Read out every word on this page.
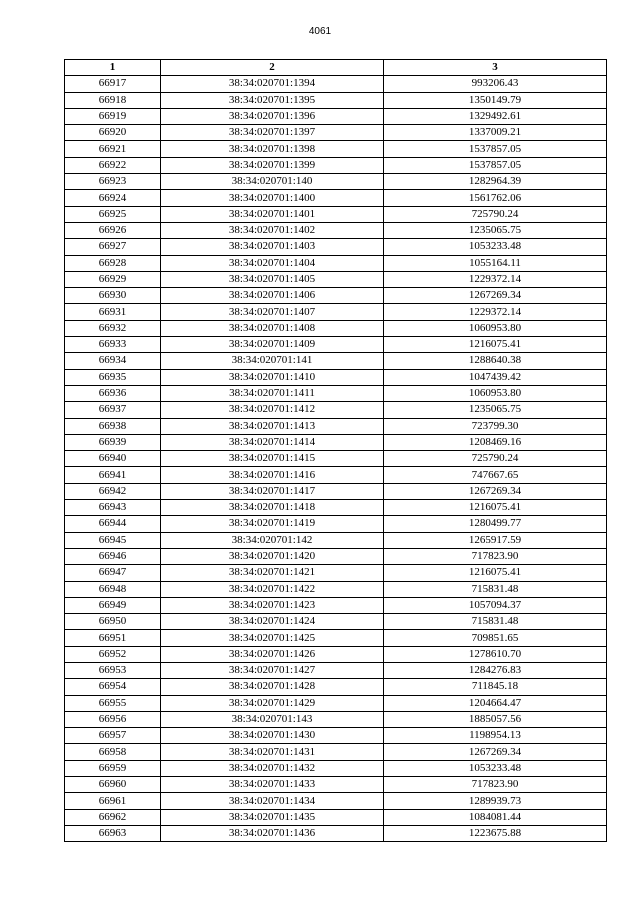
4061
1	2	3
66917	38:34:020701:1394	993206.43
66918	38:34:020701:1395	1350149.79
66919	38:34:020701:1396	1329492.61
66920	38:34:020701:1397	1337009.21
66921	38:34:020701:1398	1537857.05
66922	38:34:020701:1399	1537857.05
66923	38:34:020701:140	1282964.39
66924	38:34:020701:1400	1561762.06
66925	38:34:020701:1401	725790.24
66926	38:34:020701:1402	1235065.75
66927	38:34:020701:1403	1053233.48
66928	38:34:020701:1404	1055164.11
66929	38:34:020701:1405	1229372.14
66930	38:34:020701:1406	1267269.34
66931	38:34:020701:1407	1229372.14
66932	38:34:020701:1408	1060953.80
66933	38:34:020701:1409	1216075.41
66934	38:34:020701:141	1288640.38
66935	38:34:020701:1410	1047439.42
66936	38:34:020701:1411	1060953.80
66937	38:34:020701:1412	1235065.75
66938	38:34:020701:1413	723799.30
66939	38:34:020701:1414	1208469.16
66940	38:34:020701:1415	725790.24
66941	38:34:020701:1416	747667.65
66942	38:34:020701:1417	1267269.34
66943	38:34:020701:1418	1216075.41
66944	38:34:020701:1419	1280499.77
66945	38:34:020701:142	1265917.59
66946	38:34:020701:1420	717823.90
66947	38:34:020701:1421	1216075.41
66948	38:34:020701:1422	715831.48
66949	38:34:020701:1423	1057094.37
66950	38:34:020701:1424	715831.48
66951	38:34:020701:1425	709851.65
66952	38:34:020701:1426	1278610.70
66953	38:34:020701:1427	1284276.83
66954	38:34:020701:1428	711845.18
66955	38:34:020701:1429	1204664.47
66956	38:34:020701:143	1885057.56
66957	38:34:020701:1430	1198954.13
66958	38:34:020701:1431	1267269.34
66959	38:34:020701:1432	1053233.48
66960	38:34:020701:1433	717823.90
66961	38:34:020701:1434	1289939.73
66962	38:34:020701:1435	1084081.44
66963	38:34:020701:1436	1223675.88
